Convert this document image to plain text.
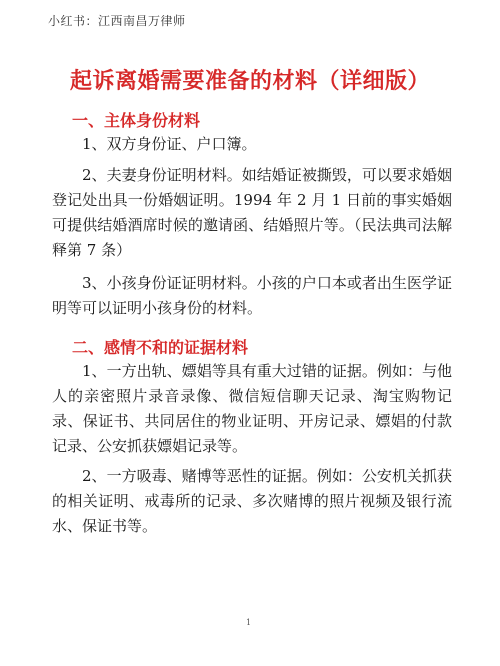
小红书：江西南昌万律师
起诉离婚需要准备的材料（详细版）
一、主体身份材料

1、双方身份证、户口簿。

2、夫妻身份证明材料。如结婚证被撕毁，可以要求婚姻登记处出具一份婚姻证明。1994 年 2 月 1 日前的事实婚姻可提供结婚酒席时候的邀请函、结婚照片等。（民法典司法解释第 7 条）

3、小孩身份证证明材料。小孩的户口本或者出生医学证明等可以证明小孩身份的材料。

二、感情不和的证据材料

1、一方出轨、嫖娼等具有重大过错的证据。例如：与他人的亲密照片录音录像、微信短信聊天记录、淘宝购物记录、保证书、共同居住的物业证明、开房记录、嫖娼的付款记录、公安抓获嫖娼记录等。

2、一方吸毒、赌博等恶性的证据。例如：公安机关抓获的相关证明、戒毒所的记录、多次赌博的照片视频及银行流水、保证书等。

1
